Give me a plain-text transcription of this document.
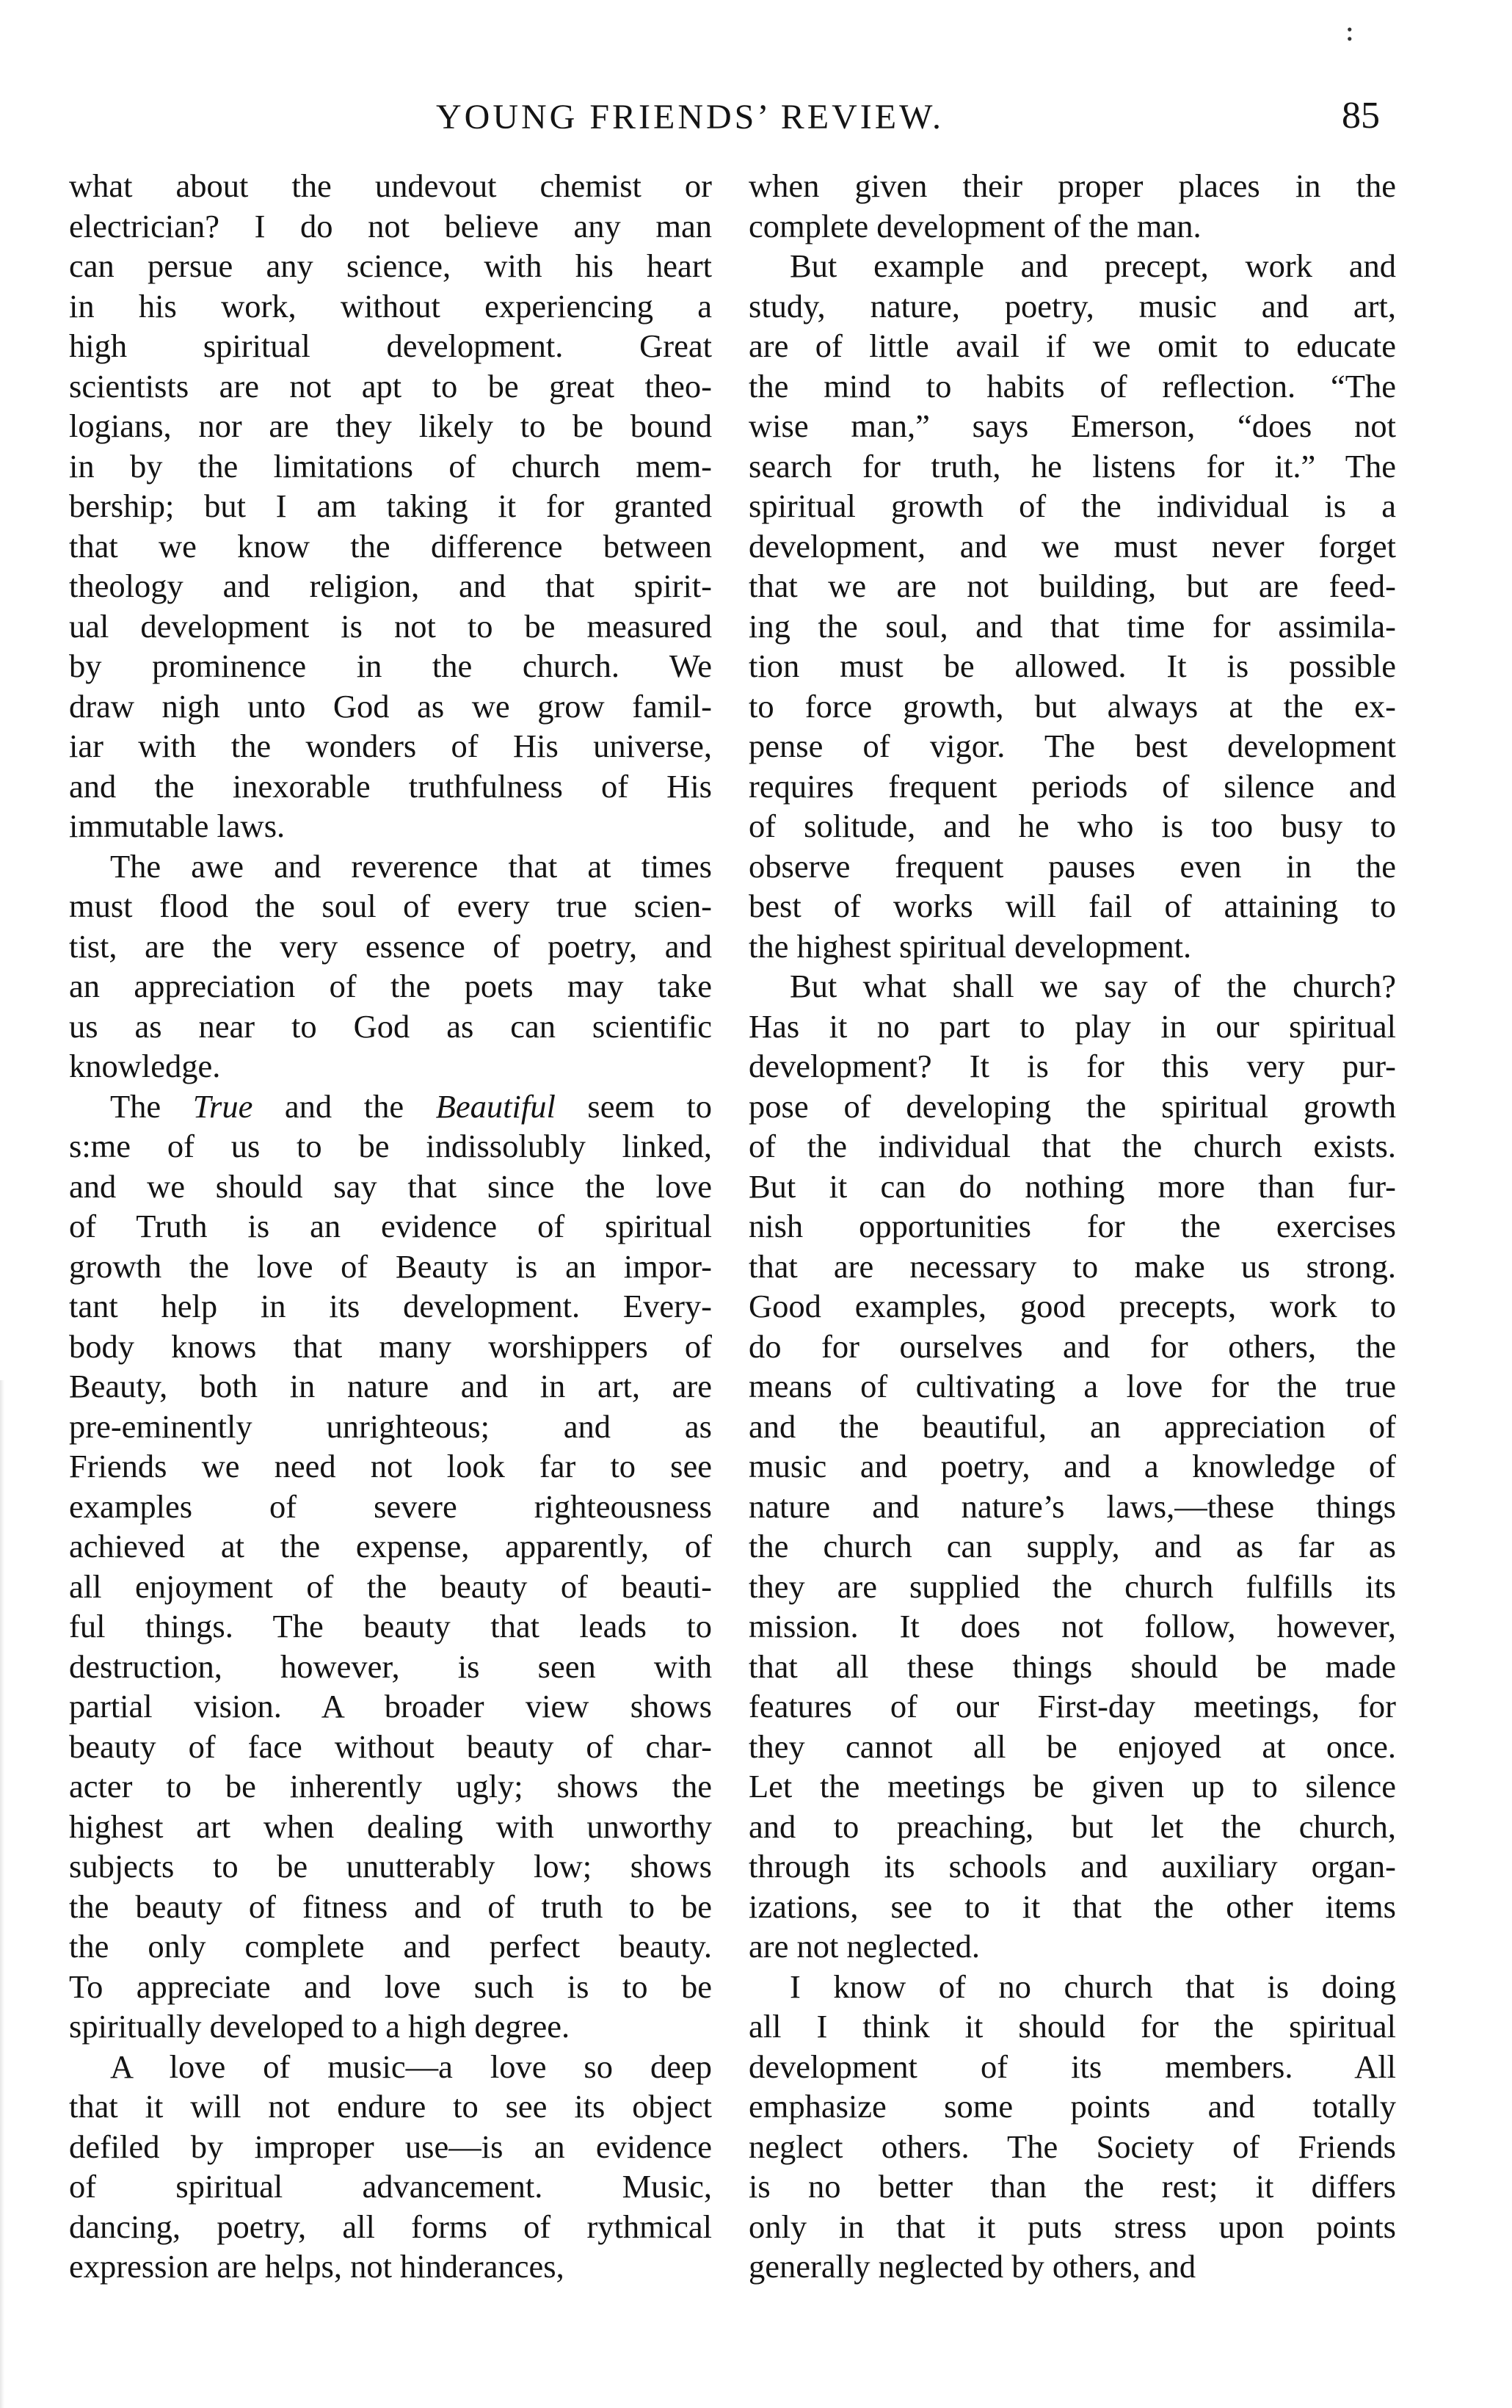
:
YOUNG FRIENDS’ REVIEW.	85
what about the undevout chemist or
electrician? I do not believe any man
can persue any science, with his heart
in his work, without experiencing a
high spiritual development. Great
scientists are not apt to be great theo-
logians, nor are they likely to be bound
in by the limitations of church mem-
bership; but I am taking it for granted
that we know the difference between
theology and religion, and that spirit-
ual development is not to be measured
by prominence in the church. We
draw nigh unto God as we grow famil-
iar with the wonders of His universe,
and the inexorable truthfulness of His
immutable laws.
The awe and reverence that at times
must flood the soul of every true scien-
tist, are the very essence of poetry, and
an appreciation of the poets may take
us as near to God as can scientific
knowledge.
The True and the Beautiful seem to
s:me of us to be indissolubly linked,
and we should say that since the love
of Truth is an evidence of spiritual
growth the love of Beauty is an impor-
tant help in its development. Every-
body knows that many worshippers of
Beauty, both in nature and in art, are
pre-eminently unrighteous; and as
Friends we need not look far to see
examples of severe righteousness
achieved at the expense, apparently, of
all enjoyment of the beauty of beauti-
ful things. The beauty that leads to
destruction, however, is seen with
partial vision. A broader view shows
beauty of face without beauty of char-
acter to be inherently ugly; shows the
highest art when dealing with unworthy
subjects to be unutterably low; shows
the beauty of fitness and of truth to be
the only complete and perfect beauty.
To appreciate and love such is to be
spiritually developed to a high degree.
A love of music—a love so deep
that it will not endure to see its object
defiled by improper use—is an evidence
of spiritual advancement. Music,
dancing, poetry, all forms of rythmical
expression are helps, not hinderances,
when given their proper places in the
complete development of the man.
But example and precept, work and
study, nature, poetry, music and art,
are of little avail if we omit to educate
the mind to habits of reflection. “The
wise man,” says Emerson, “does not
search for truth, he listens for it.” The
spiritual growth of the individual is a
development, and we must never forget
that we are not building, but are feed-
ing the soul, and that time for assimila-
tion must be allowed. It is possible
to force growth, but always at the ex-
pense of vigor. The best development
requires frequent periods of silence and
of solitude, and he who is too busy to
observe frequent pauses even in the
best of works will fail of attaining to
the highest spiritual development.
But what shall we say of the church?
Has it no part to play in our spiritual
development? It is for this very pur-
pose of developing the spiritual growth
of the individual that the church exists.
But it can do nothing more than fur-
nish opportunities for the exercises
that are necessary to make us strong.
Good examples, good precepts, work to
do for ourselves and for others, the
means of cultivating a love for the true
and the beautiful, an appreciation of
music and poetry, and a knowledge of
nature and nature’s laws,—these things
the church can supply, and as far as
they are supplied the church fulfills its
mission. It does not follow, however,
that all these things should be made
features of our First-day meetings, for
they cannot all be enjoyed at once.
Let the meetings be given up to silence
and to preaching, but let the church,
through its schools and auxiliary organ-
izations, see to it that the other items
are not neglected.
I know of no church that is doing
all I think it should for the spiritual
development of its members. All
emphasize some points and totally
neglect others. The Society of Friends
is no better than the rest; it differs
only in that it puts stress upon points
generally neglected by others, and
